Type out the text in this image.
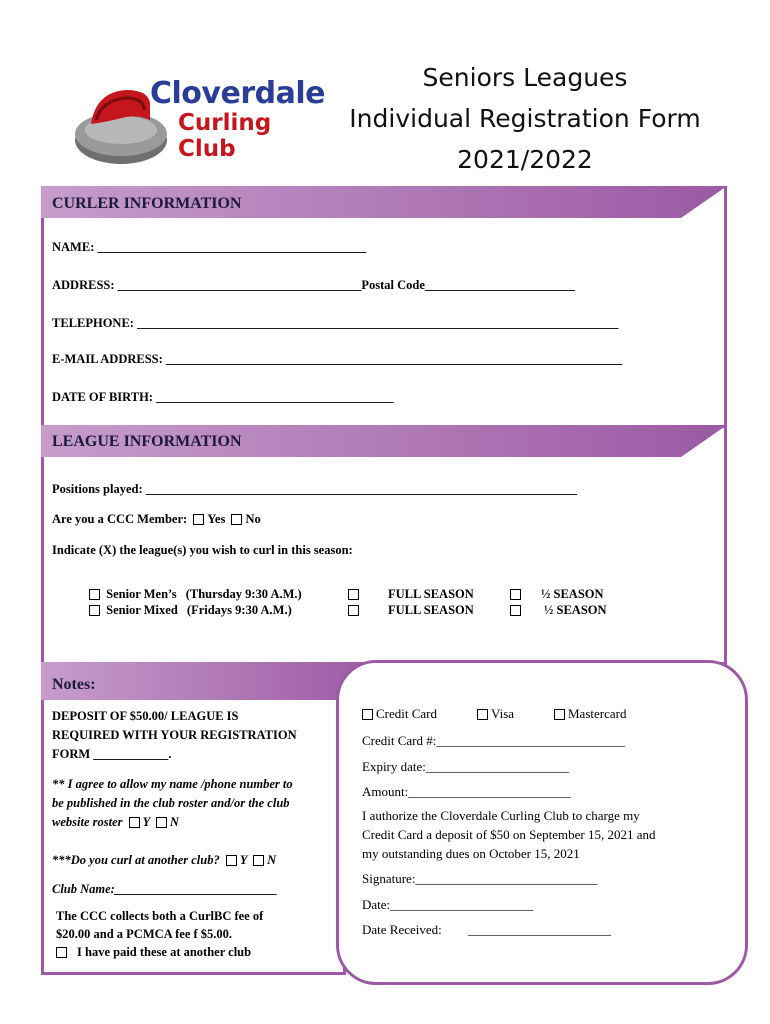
Cloverdale
Curling Club
Seniors Leagues
Individual Registration Form
2021/2022
CURLER INFORMATION
NAME: ___________________________________________
ADDRESS: _______________________________________Postal Code________________________
TELEPHONE: _____________________________________________________________________________
E-MAIL ADDRESS: _________________________________________________________________________
DATE OF BIRTH: ______________________________________
LEAGUE INFORMATION
Positions played: _____________________________________________________________________
Are you a CCC Member: Yes No
Indicate (X) the league(s) you wish to curl in this season:
Senior Men’s (Thursday 9:30 A.M.)
Senior Mixed (Fridays 9:30 A.M.)
FULL SEASON
FULL SEASON
½ SEASON
½ SEASON
Notes:
DEPOSIT OF $50.00/ LEAGUE IS
REQUIRED WITH YOUR REGISTRATION
FORM ____________.
** I agree to allow my name /phone number to
be published in the club roster and/or the club
website roster Y N
***Do you curl at another club? Y N
Club Name:__________________________
The CCC collects both a CurlBC fee of
$20.00 and a PCMCA fee f $5.00.
I have paid these at another club
Credit Card	Visa	Mastercard
Credit Card #:_____________________________
Expiry date:______________________
Amount:_________________________
I authorize the Cloverdale Curling Club to charge my
Credit Card a deposit of $50 on September 15, 2021 and
my outstanding dues on October 15, 2021
Signature:____________________________
Date:______________________
Date Received: ______________________
